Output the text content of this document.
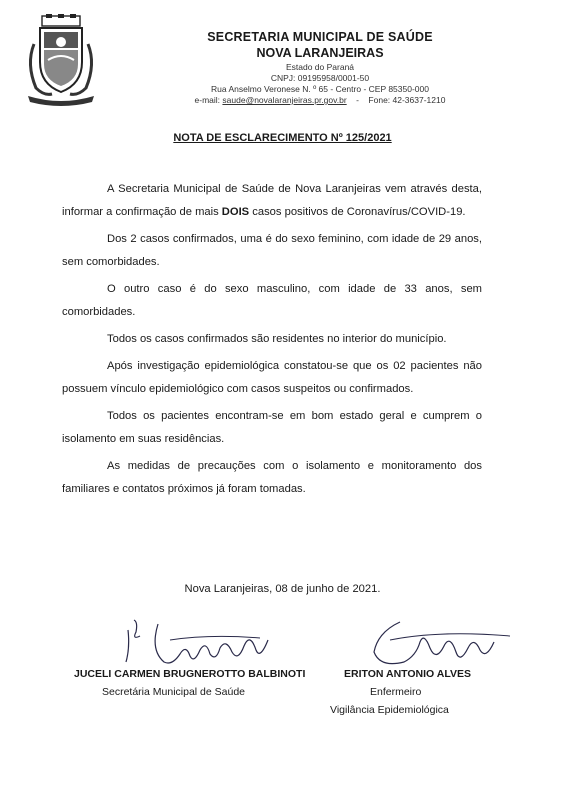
SECRETARIA MUNICIPAL DE SAÚDE
NOVA LARANJEIRAS
Estado do Paraná
CNPJ: 09195958/0001-50
Rua Anselmo Veronese N. º 65 - Centro - CEP 85350-000
e-mail: saude@novalaranjeiras.pr.gov.br - Fone: 42-3637-1210
NOTA DE ESCLARECIMENTO Nº 125/2021

A Secretaria Municipal de Saúde de Nova Laranjeiras vem através desta, informar a confirmação de mais DOIS casos positivos de Coronavírus/COVID-19.

Dos 2 casos confirmados, uma é do sexo feminino, com idade de 29 anos, sem comorbidades.

O outro caso é do sexo masculino, com idade de 33 anos, sem comorbidades.

Todos os casos confirmados são residentes no interior do município.

Após investigação epidemiológica constatou-se que os 02 pacientes não possuem vínculo epidemiológico com casos suspeitos ou confirmados.

Todos os pacientes encontram-se em bom estado geral e cumprem o isolamento em suas residências.

As medidas de precauções com o isolamento e monitoramento dos familiares e contatos próximos já foram tomadas.

Nova Laranjeiras, 08 de junho de 2021.
JUCELI CARMEN BRUGNEROTTO BALBINOTI
Secretária Municipal de Saúde
ERITON ANTONIO ALVES
Enfermeiro
Vigilância Epidemiológica
